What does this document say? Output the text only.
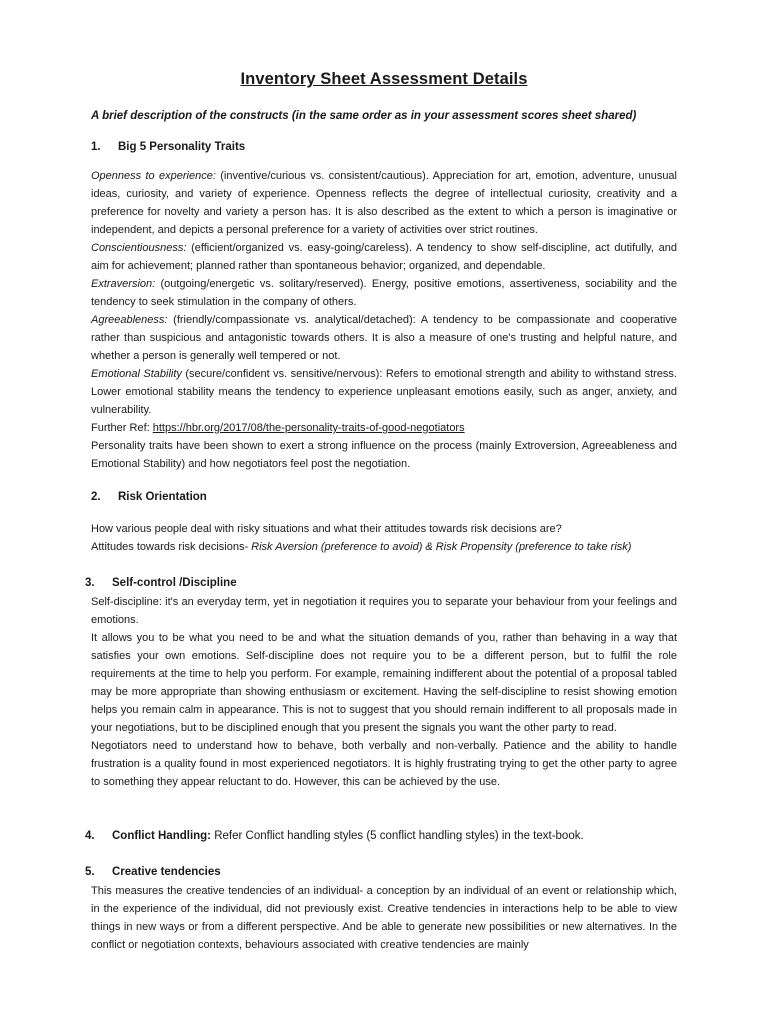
Inventory Sheet Assessment Details
A brief description of the constructs (in the same order as in your assessment scores sheet shared)
1. Big 5 Personality Traits

Openness to experience: (inventive/curious vs. consistent/cautious). Appreciation for art, emotion, adventure, unusual ideas, curiosity, and variety of experience. Openness reflects the degree of intellectual curiosity, creativity and a preference for novelty and variety a person has. It is also described as the extent to which a person is imaginative or independent, and depicts a personal preference for a variety of activities over strict routines.

Conscientiousness: (efficient/organized vs. easy-going/careless). A tendency to show self-discipline, act dutifully, and aim for achievement; planned rather than spontaneous behavior; organized, and dependable.

Extraversion: (outgoing/energetic vs. solitary/reserved). Energy, positive emotions, assertiveness, sociability and the tendency to seek stimulation in the company of others.

Agreeableness: (friendly/compassionate vs. analytical/detached): A tendency to be compassionate and cooperative rather than suspicious and antagonistic towards others. It is also a measure of one's trusting and helpful nature, and whether a person is generally well tempered or not.

Emotional Stability (secure/confident vs. sensitive/nervous): Refers to emotional strength and ability to withstand stress. Lower emotional stability means the tendency to experience unpleasant emotions easily, such as anger, anxiety, and vulnerability.

Further Ref: https://hbr.org/2017/08/the-personality-traits-of-good-negotiators

Personality traits have been shown to exert a strong influence on the process (mainly Extroversion, Agreeableness and Emotional Stability) and how negotiators feel post the negotiation.

2. Risk Orientation

How various people deal with risky situations and what their attitudes towards risk decisions are?

Attitudes towards risk decisions- Risk Aversion (preference to avoid) & Risk Propensity (preference to take risk)

3. Self-control /Discipline

Self-discipline: it's an everyday term, yet in negotiation it requires you to separate your behaviour from your feelings and emotions.

It allows you to be what you need to be and what the situation demands of you, rather than behaving in a way that satisfies your own emotions. Self-discipline does not require you to be a different person, but to fulfil the role requirements at the time to help you perform. For example, remaining indifferent about the potential of a proposal tabled may be more appropriate than showing enthusiasm or excitement. Having the self-discipline to resist showing emotion helps you remain calm in appearance. This is not to suggest that you should remain indifferent to all proposals made in your negotiations, but to be disciplined enough that you present the signals you want the other party to read.

Negotiators need to understand how to behave, both verbally and non-verbally. Patience and the ability to handle frustration is a quality found in most experienced negotiators. It is highly frustrating trying to get the other party to agree to something they appear reluctant to do. However, this can be achieved by the use.

4. Conflict Handling: Refer Conflict handling styles (5 conflict handling styles) in the text-book.
5. Creative tendencies

This measures the creative tendencies of an individual- a conception by an individual of an event or relationship which, in the experience of the individual, did not previously exist. Creative tendencies in interactions help to be able to view things in new ways or from a different perspective. And be able to generate new possibilities or new alternatives. In the conflict or negotiation contexts, behaviours associated with creative tendencies are mainly
